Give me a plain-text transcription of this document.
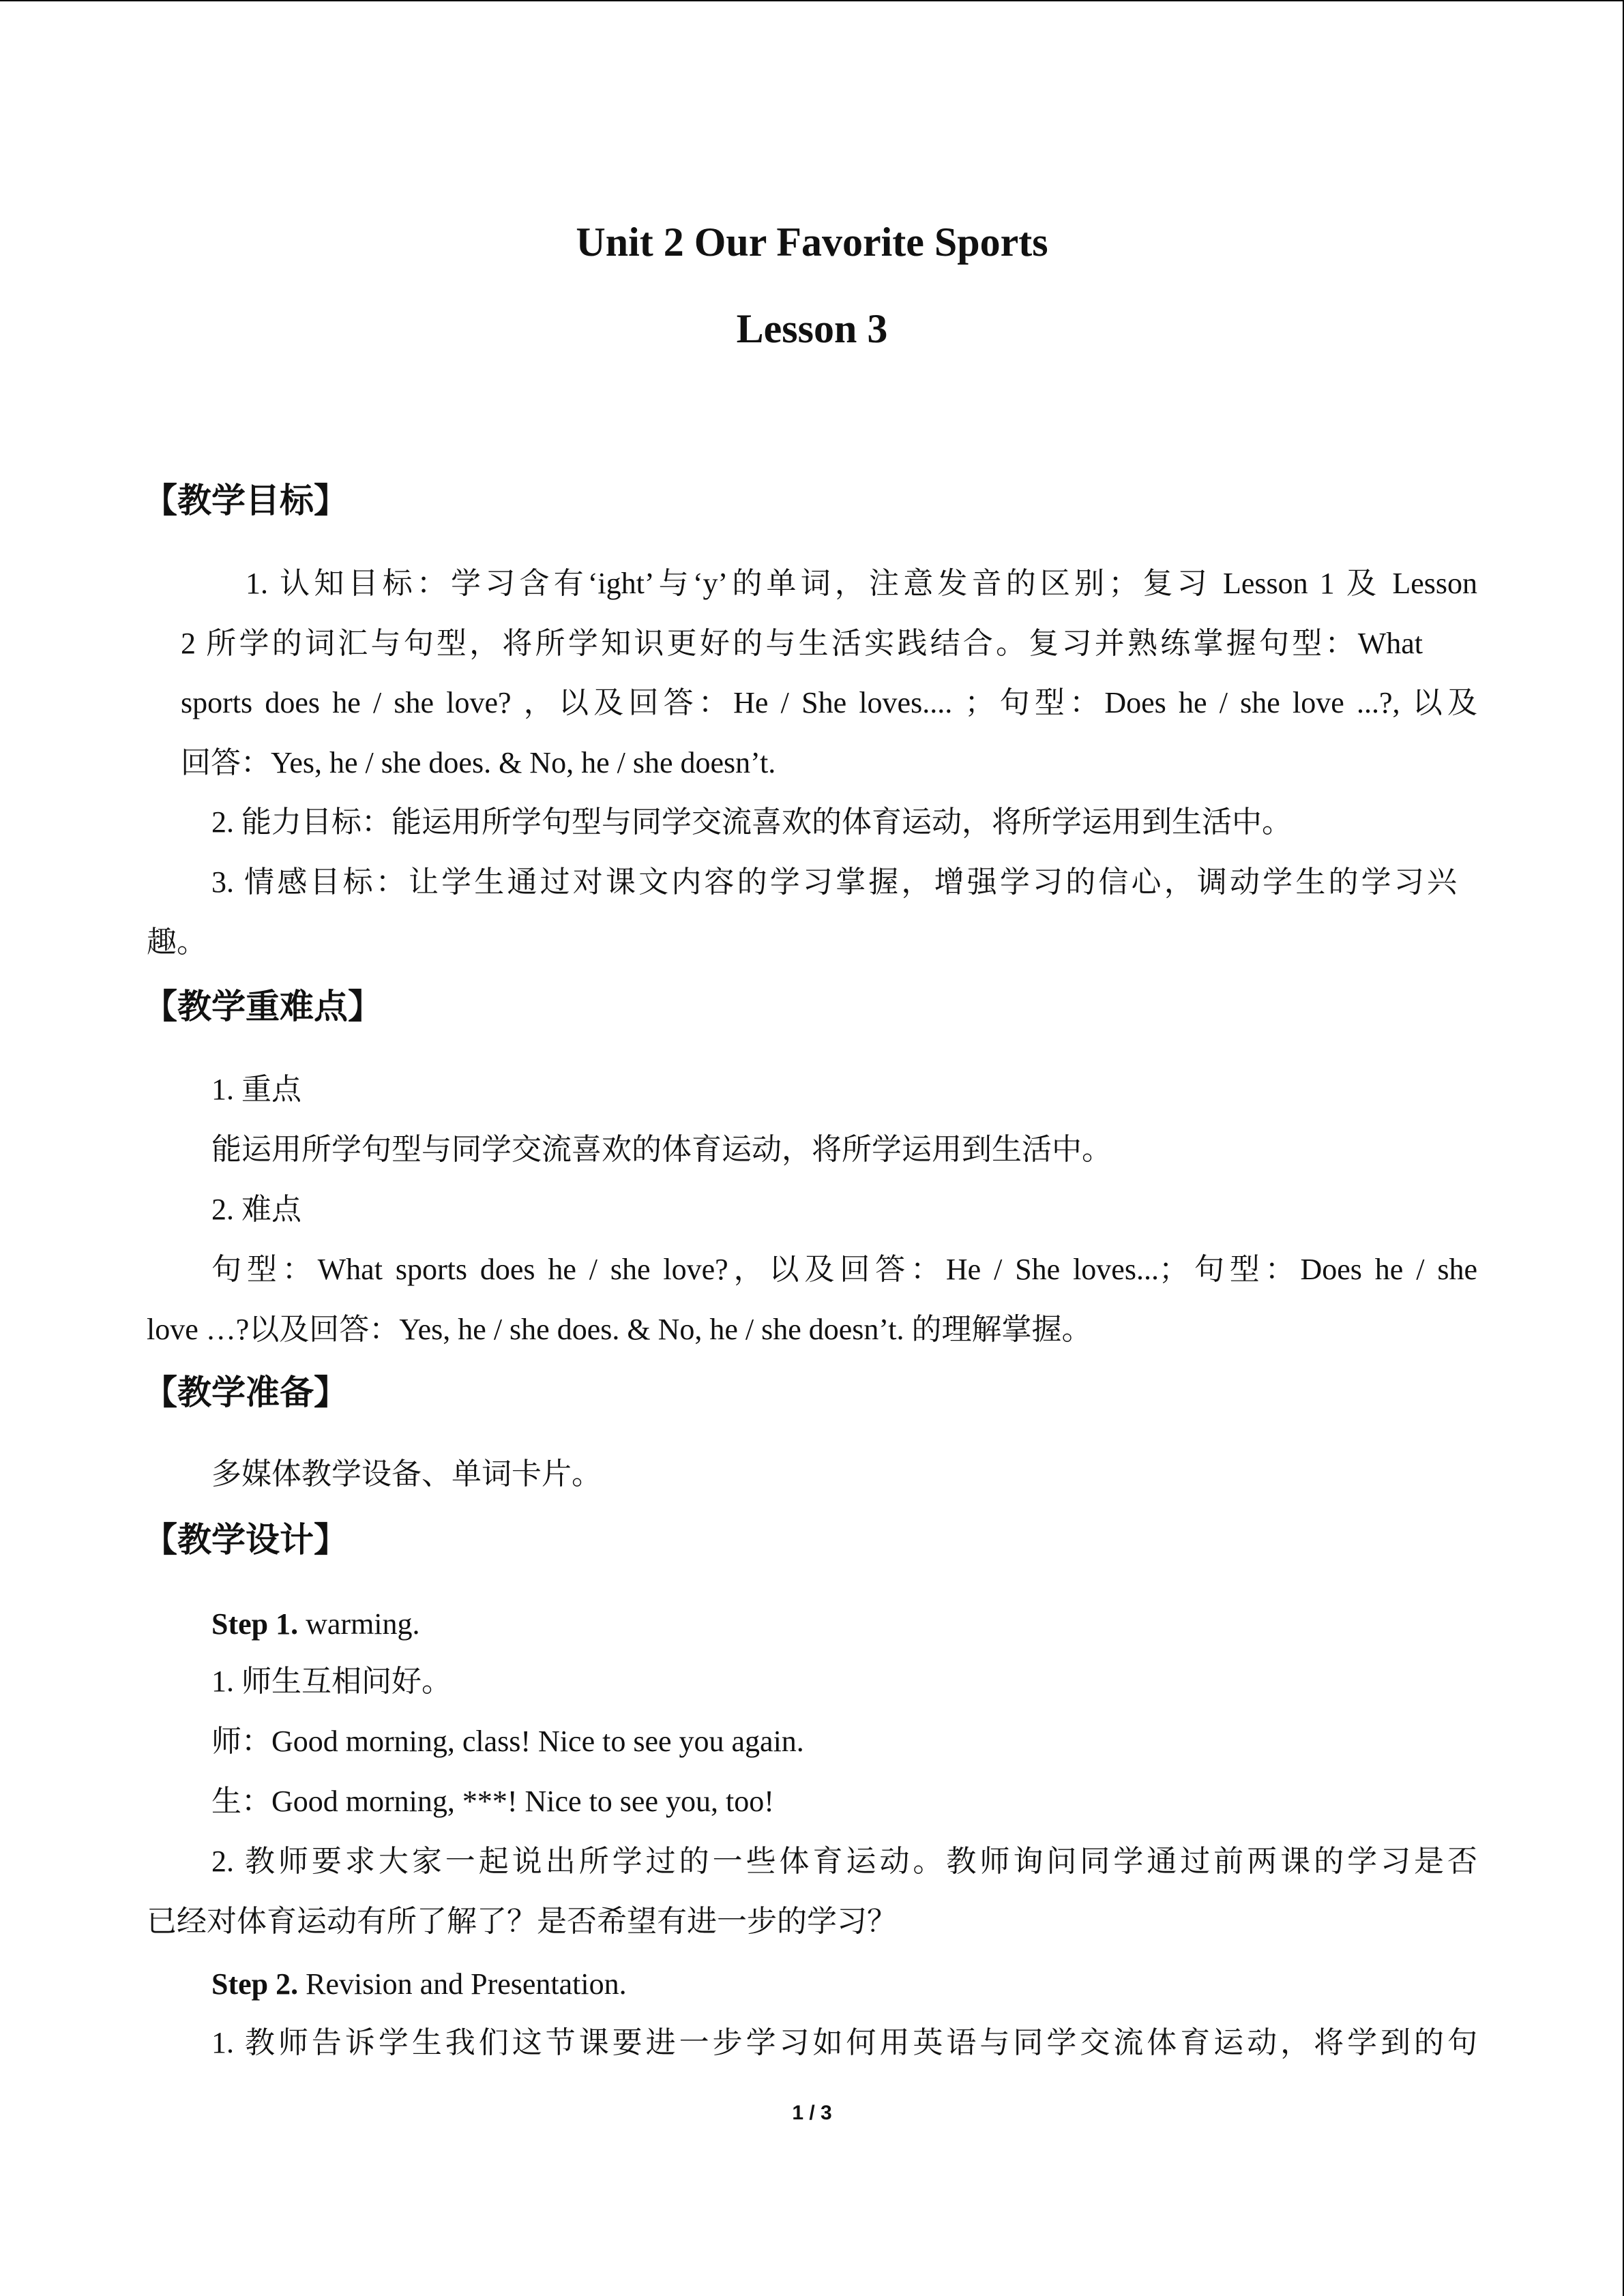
Unit 2 Our Favorite Sports
Lesson 3
【教学目标】
1. 认知目标：学习含有‘ight’与‘y’的单词，注意发音的区别；复习 Lesson 1 及 Lesson
2 所学的词汇与句型，将所学知识更好的与生活实践结合。复习并熟练掌握句型：What
sports does he / she love? ，以及回答：He / She loves.... ；句型：Does he / she love ...?, 以及
回答：Yes, he / she does. & No, he / she doesn’t.
2. 能力目标：能运用所学句型与同学交流喜欢的体育运动，将所学运用到生活中。
3. 情感目标：让学生通过对课文内容的学习掌握，增强学习的信心，调动学生的学习兴
趣。
【教学重难点】
1. 重点
能运用所学句型与同学交流喜欢的体育运动，将所学运用到生活中。
2. 难点
句型：What sports does he / she love?，以及回答：He / She loves...；句型：Does he / she
love …?以及回答：Yes, he / she does. & No, he / she doesn’t. 的理解掌握。
【教学准备】
多媒体教学设备、单词卡片。
【教学设计】
Step 1. warming.
1. 师生互相问好。
师：Good morning, class! Nice to see you again.
生：Good morning, ***! Nice to see you, too!
2. 教师要求大家一起说出所学过的一些体育运动。教师询问同学通过前两课的学习是否
已经对体育运动有所了解了？是否希望有进一步的学习？
Step 2. Revision and Presentation.
1. 教师告诉学生我们这节课要进一步学习如何用英语与同学交流体育运动，将学到的句
1 / 3
